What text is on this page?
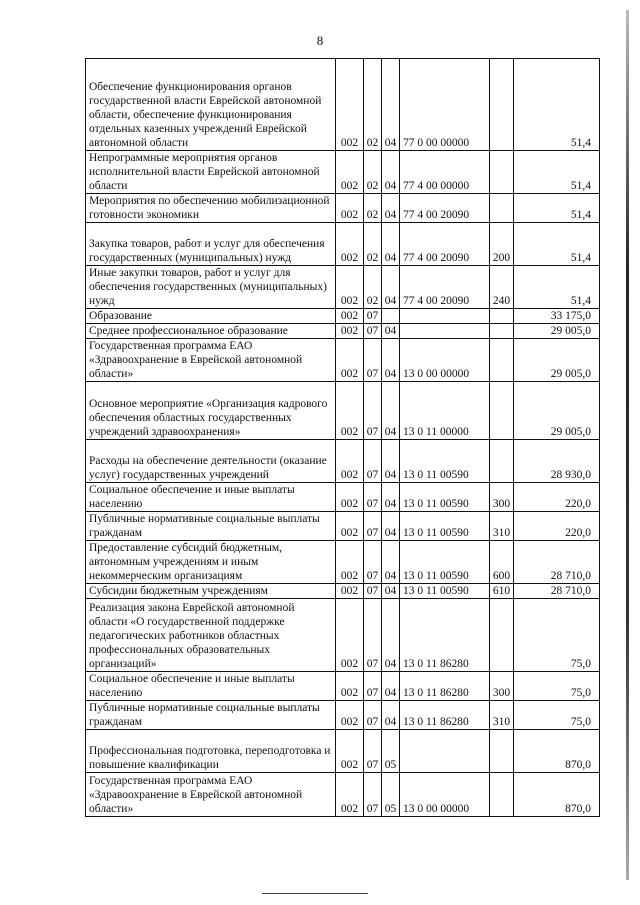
8
Обеспечение функционирования органов государственной власти Еврейской автономной области, обеспечение функционирования отдельных казенных учреждений Еврейской автономной области	002	02	04	77 0 00 00000		51,4
Непрограммные мероприятия органов исполнительной власти Еврейской автономной области	002	02	04	77 4 00 00000		51,4
Мероприятия по обеспечению мобилизационной готовности экономики	002	02	04	77 4 00 20090		51,4
Закупка товаров, работ и услуг для обеспечения государственных (муниципальных) нужд	002	02	04	77 4 00 20090	200	51,4
Иные закупки товаров, работ и услуг для обеспечения государственных (муниципальных) нужд	002	02	04	77 4 00 20090	240	51,4
Образование	002	07				33 175,0
Среднее профессиональное образование	002	07	04			29 005,0
Государственная программа ЕАО «Здравоохранение в Еврейской автономной области»	002	07	04	13 0 00 00000		29 005,0
Основное мероприятие «Организация кадрового обеспечения областных государственных учреждений здравоохранения»	002	07	04	13 0 11 00000		29 005,0
Расходы на обеспечение деятельности (оказание услуг) государственных учреждений	002	07	04	13 0 11 00590		28 930,0
Социальное обеспечение и иные выплаты населению	002	07	04	13 0 11 00590	300	220,0
Публичные нормативные социальные выплаты гражданам	002	07	04	13 0 11 00590	310	220,0
Предоставление субсидий бюджетным, автономным учреждениям и иным некоммерческим организациям	002	07	04	13 0 11 00590	600	28 710,0
Субсидии бюджетным учреждениям	002	07	04	13 0 11 00590	610	28 710,0
Реализация закона Еврейской автономной области «О государственной поддержке педагогических работников областных профессиональных образовательных организаций»	002	07	04	13 0 11 86280		75,0
Социальное обеспечение и иные выплаты населению	002	07	04	13 0 11 86280	300	75,0
Публичные нормативные социальные выплаты гражданам	002	07	04	13 0 11 86280	310	75,0
Профессиональная подготовка, переподготовка и повышение квалификации	002	07	05			870,0
Государственная программа ЕАО «Здравоохранение в Еврейской автономной области»	002	07	05	13 0 00 00000		870,0
